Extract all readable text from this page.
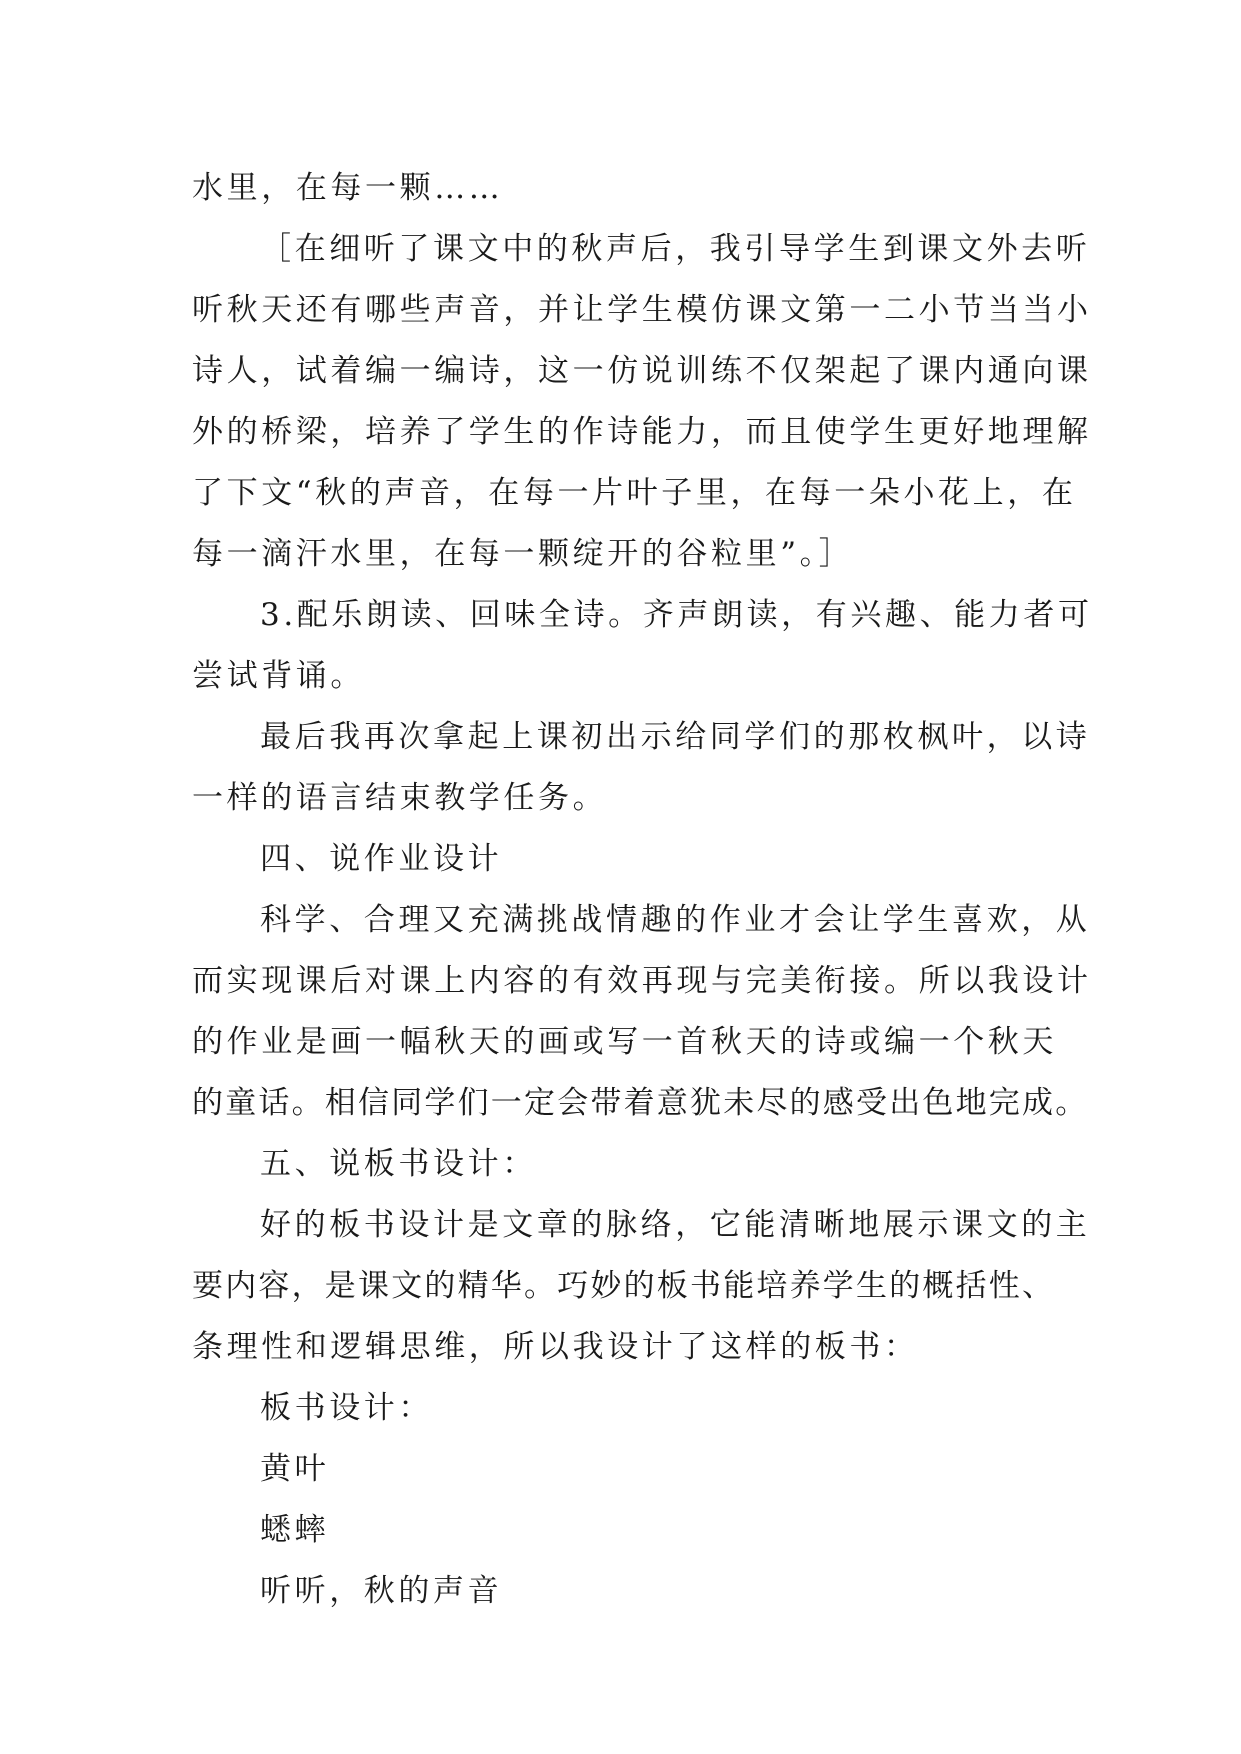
水里，在每一颗……

［在细听了课文中的秋声后，我引导学生到课文外去听
听秋天还有哪些声音，并让学生模仿课文第一二小节当当小
诗人，试着编一编诗，这一仿说训练不仅架起了课内通向课
外的桥梁，培养了学生的作诗能力，而且使学生更好地理解
了下文“秋的声音，在每一片叶子里，在每一朵小花上，在
每一滴汗水里，在每一颗绽开的谷粒里”。］

3.配乐朗读、回味全诗。齐声朗读，有兴趣、能力者可
尝试背诵。

最后我再次拿起上课初出示给同学们的那枚枫叶，以诗
一样的语言结束教学任务。

四、说作业设计

科学、合理又充满挑战情趣的作业才会让学生喜欢，从
而实现课后对课上内容的有效再现与完美衔接。所以我设计
的作业是画一幅秋天的画或写一首秋天的诗或编一个秋天
的童话。相信同学们一定会带着意犹未尽的感受出色地完成。

五、说板书设计：

好的板书设计是文章的脉络，它能清晰地展示课文的主
要内容，是课文的精华。巧妙的板书能培养学生的概括性、
条理性和逻辑思维，所以我设计了这样的板书：

板书设计：

黄叶

蟋蟀

听听，秋的声音
